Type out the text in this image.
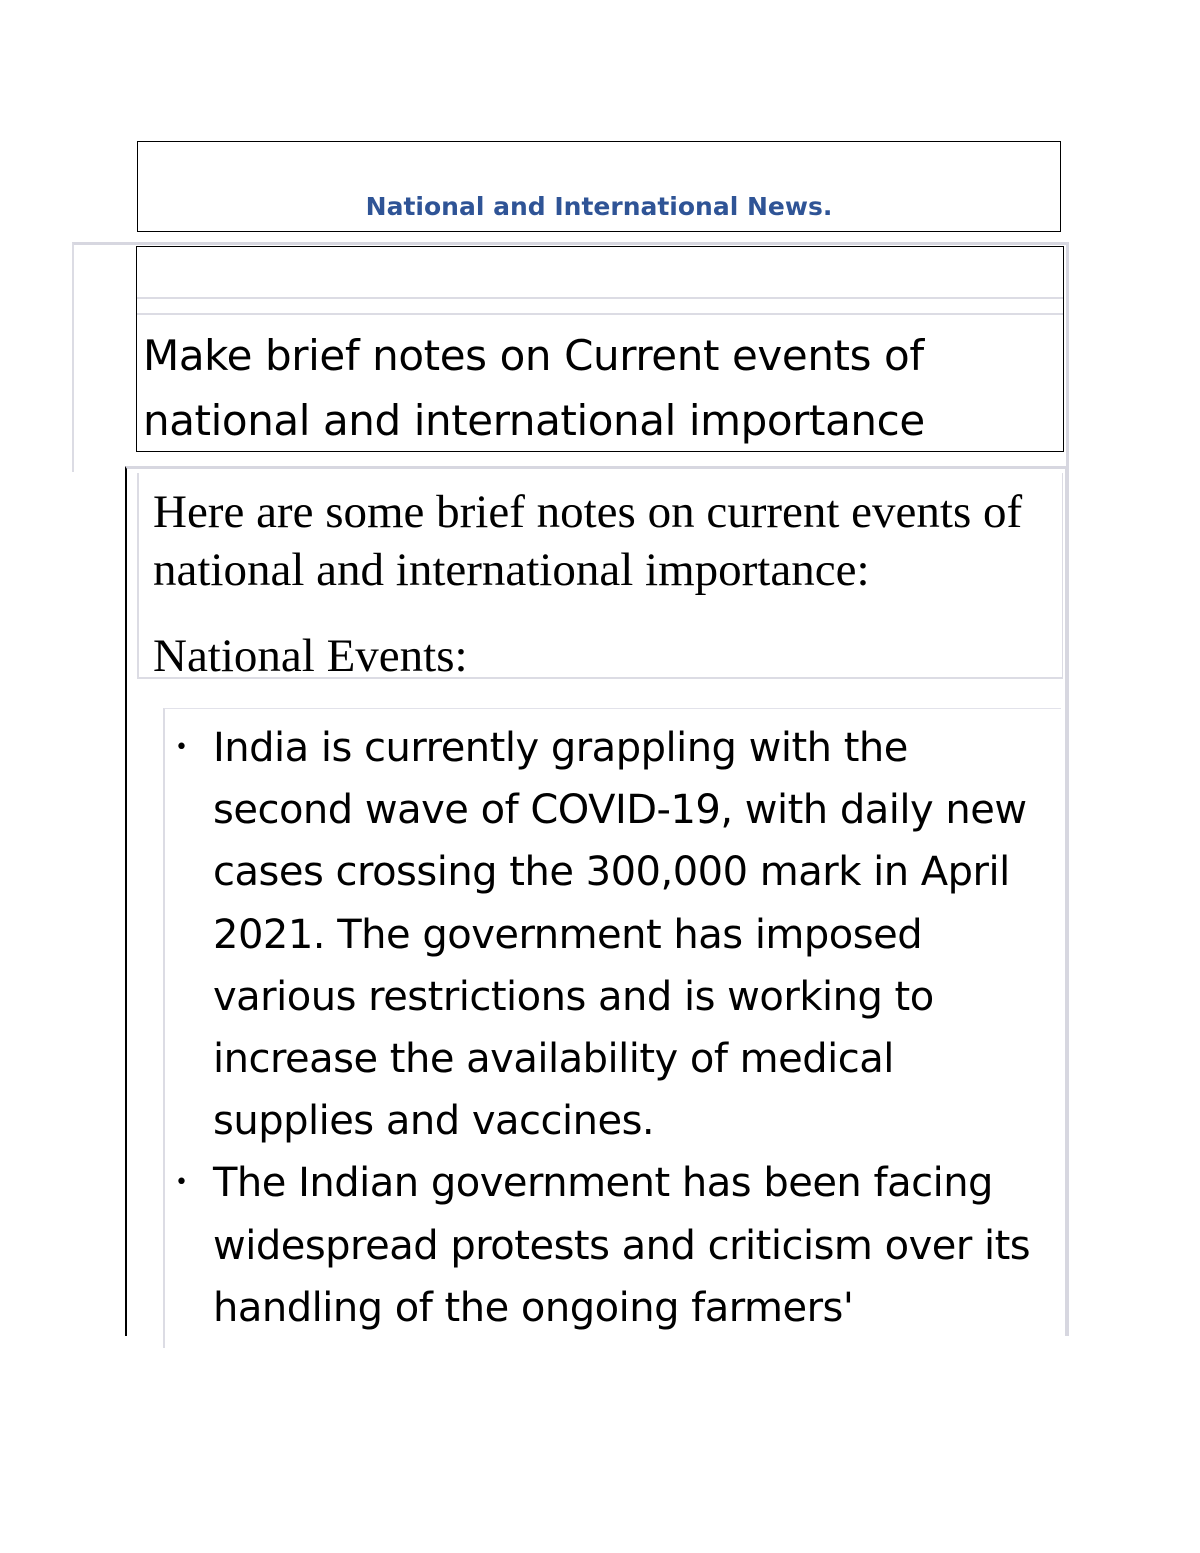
National and International News.
Make brief notes on Current events of national and international importance
Here are some brief notes on current events of national and international importance:
National Events:
• India is currently grappling with the second wave of COVID-19, with daily new cases crossing the 300,000 mark in April 2021. The government has imposed various restrictions and is working to increase the availability of medical supplies and vaccines.
• The Indian government has been facing widespread protests and criticism over its handling of the ongoing farmers'
